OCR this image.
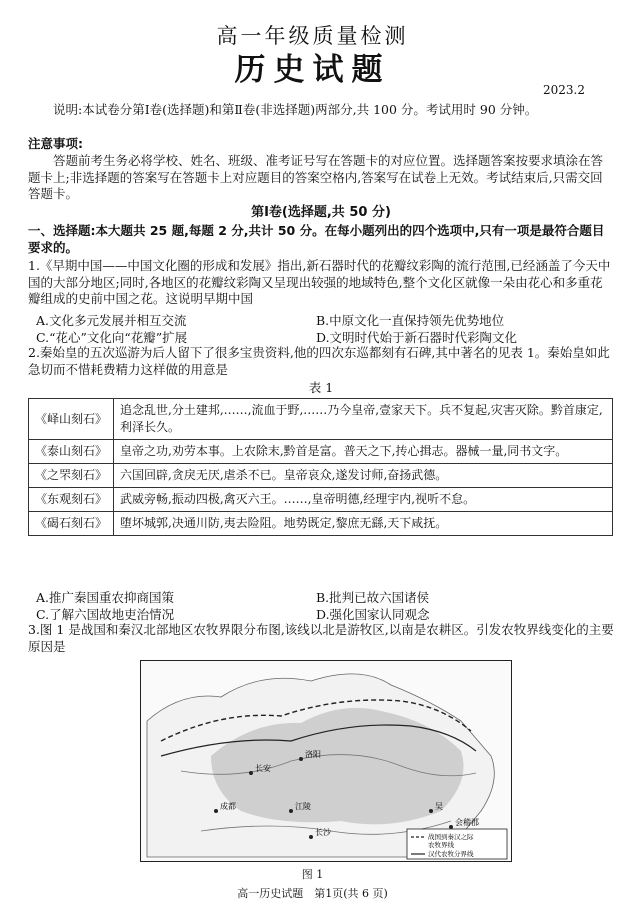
高一年级质量检测
历史试题
2023.2
说明:本试卷分第Ⅰ卷(选择题)和第Ⅱ卷(非选择题)两部分,共 100 分。考试用时 90 分钟。
注意事项:
答题前考生务必将学校、姓名、班级、准考证号写在答题卡的对应位置。选择题答案按要求填涂在答题卡上;非选择题的答案写在答题卡上对应题目的答案空格内,答案写在试卷上无效。考试结束后,只需交回答题卡。
第Ⅰ卷(选择题,共 50 分)
一、选择题:本大题共 25 题,每题 2 分,共计 50 分。在每小题列出的四个选项中,只有一项是最符合题目要求的。
1.《早期中国——中国文化圈的形成和发展》指出,新石器时代的花瓣纹彩陶的流行范围,已经涵盖了今天中国的大部分地区;同时,各地区的花瓣纹彩陶又呈现出较强的地域特色,整个文化区就像一朵由花心和多重花瓣组成的史前中国之花。这说明早期中国
A.文化多元发展并相互交流	B.中原文化一直保持领先优势地位
C.“花心”文化向“花瓣”扩展	D.文明时代始于新石器时代彩陶文化
2.秦始皇的五次巡游为后人留下了很多宝贵资料,他的四次东巡都刻有石碑,其中著名的见表 1。秦始皇如此急切而不惜耗费精力这样做的用意是
表 1
《峄山刻石》	追念乱世,分土建邦,……,流血于野,……乃今皇帝,壹家天下。兵不复起,灾害灭除。黔首康定,利泽长久。
《泰山刻石》	皇帝之功,劝劳本事。上农除末,黔首是富。普天之下,抟心揖志。器械一量,同书文字。
《之罘刻石》	六国回辟,贪戾无厌,虐杀不已。皇帝哀众,遂发讨师,奋扬武德。
《东观刻石》	武威旁畅,振动四极,禽灭六王。……,皇帝明德,经理宇内,视听不怠。
《碣石刻石》	堕坏城郭,决通川防,夷去险阻。地势既定,黎庶无繇,天下咸抚。
A.推广秦国重农抑商国策	B.批判已故六国诸侯
C.了解六国故地吏治情况	D.强化国家认同观念
3.图 1 是战国和秦汉北部地区农牧界限分布图,该线以北是游牧区,以南是农耕区。引发农牧界线变化的主要原因是
长安
洛阳
成都	江陵
长沙
吴
会稽郡
战国到秦汉之际
农牧界线
汉代农牧分界线
图 1
高一历史试题　第1页(共 6 页)
